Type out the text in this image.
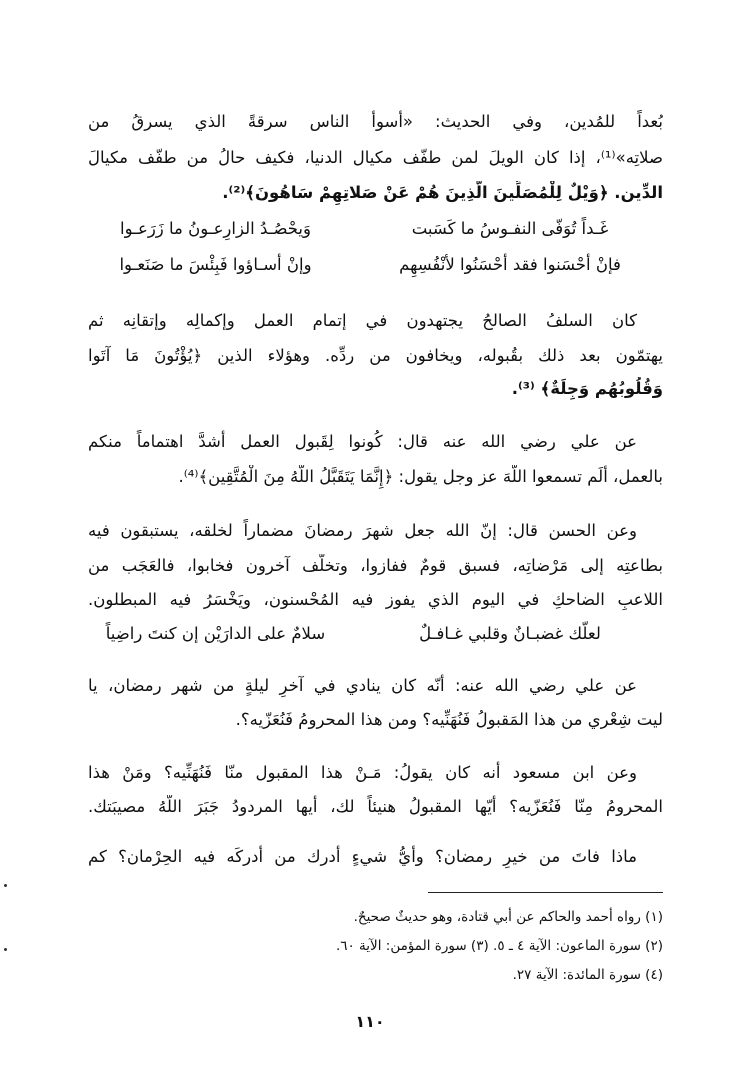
بُعداً للمُدين، وفي الحديث: «أسوأُ الناس سرقةً الذي يسرقُ من
صلاتِه»⁽¹⁾، إذا كان الويلَ لمن طفّف مكيال الدنيا، فكيف حالُ من طفّف مكيالَ
الدِّين. ﴿وَيْلٌ لِلْمُصَلِّينَ الَّذِينَ هُمْ عَنْ صَلاتِهِمْ سَاهُونَ﴾⁽²⁾.
غَـداً تُوَفّى النفـوسُ ما كَسَبت
وَيحْصُـدُ الزارِعـونُ ما زَرَعـوا
فإنْ أحْسَنوا فقد أحْسَنُوا لأنْفُسِهِم
وإنْ أسـاؤوا فَبِئْسَ ما صَنَعـوا
كان السلفُ الصالحُ يجتهدون في إتمام العمل وإكمالِه وإتقانِه ثم
يهتمّون بعد ذلك بقُبوله، ويخافون من ردِّه. وهؤلاء الذين ﴿يُؤْتُونَ مَا آتَوا
وَقُلُوبُهُم وَجِلَةٌ﴾ ⁽³⁾.
عن علي رضي الله عنه قال: كُونوا لِقَبول العمل أشدَّ اهتماماً منكم
بالعمل، ألَم تسمعوا اللّهَ عز وجل يقول: ﴿إِنَّمَا يَتَقَبَّلُ اللَّهُ مِنَ الْمُتَّقِين﴾⁽⁴⁾.
وعن الحسن قال: إنّ الله جعل شهرَ رمضانَ مضماراً لخلقه، يستبقون فيه
بطاعتِه إلى مَرْضاتِه، فسبق قومٌ ففازوا، وتخلّف آخرون فخابوا، فالعَجَب من
اللاعبِ الضاحكِ في اليوم الذي يفوز فيه المُحْسنون، ويَخْسَرُ فيه المبطلون.
لعلّك غضبـانٌ وقلبي غـافـلٌ
سلامٌ على الدارَيْن إن كنتَ راضِياً
عن علي رضي الله عنه: أنّه كان ينادي في آخرِ ليلةٍ من شهر رمضان، يا
ليت شِعْري من هذا المَقبولُ فَنُهَنِّيه؟ ومن هذا المحرومُ فَنُعَزّيه؟.
وعن ابن مسعود أنه كان يقولُ: مَـنْ هذا المقبول منّا فَنُهَنِّيه؟ ومَنْ هذا
المحرومُ مِنّا فَنُعَزّيه؟ أيّها المقبولُ هنيئاً لك، أيها المردودُ جَبَرَ اللّهُ مصيبَتك.
ماذا فاتَ من خيرِ رمضان؟ وأيُّ شيءٍ أدرك من أدركَه فيه الحِرْمان؟ كم
(١) رواه أحمد والحاكم عن أبي قتادة، وهو حديثٌ صحيحٌ.
(٢) سورة الماعون: الآية ٤ ـ ٥. (٣) سورة المؤمن: الآية ٦٠.
(٤) سورة المائدة: الآية ٢٧.
١١٠
